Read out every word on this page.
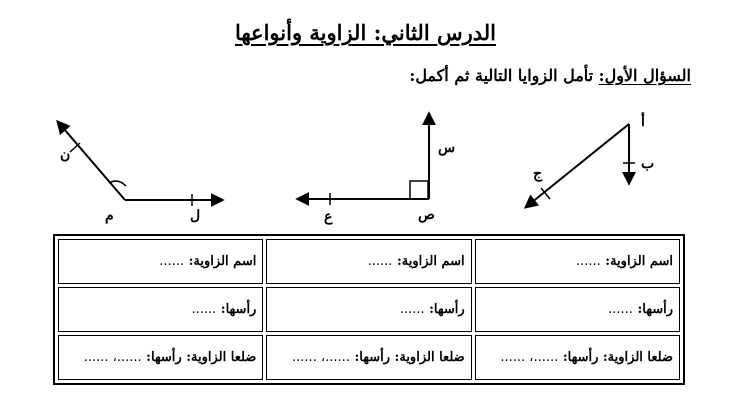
الدرس الثاني: الزاوية وأنواعها
السؤال الأول: تأمل الزوايا التالية ثم أكمل:
أ
ب
ج
س
ص
ع
ن
م	ل
اسم الزاوية: ......	اسم الزاوية: ......	اسم الزاوية: ......
رأسها: ......	رأسها: ......	رأسها: ......
ضلعا الزاوية: رأسها: ......، ......	ضلعا الزاوية: رأسها: ......، ......	ضلعا الزاوية: رأسها: ......، ......
